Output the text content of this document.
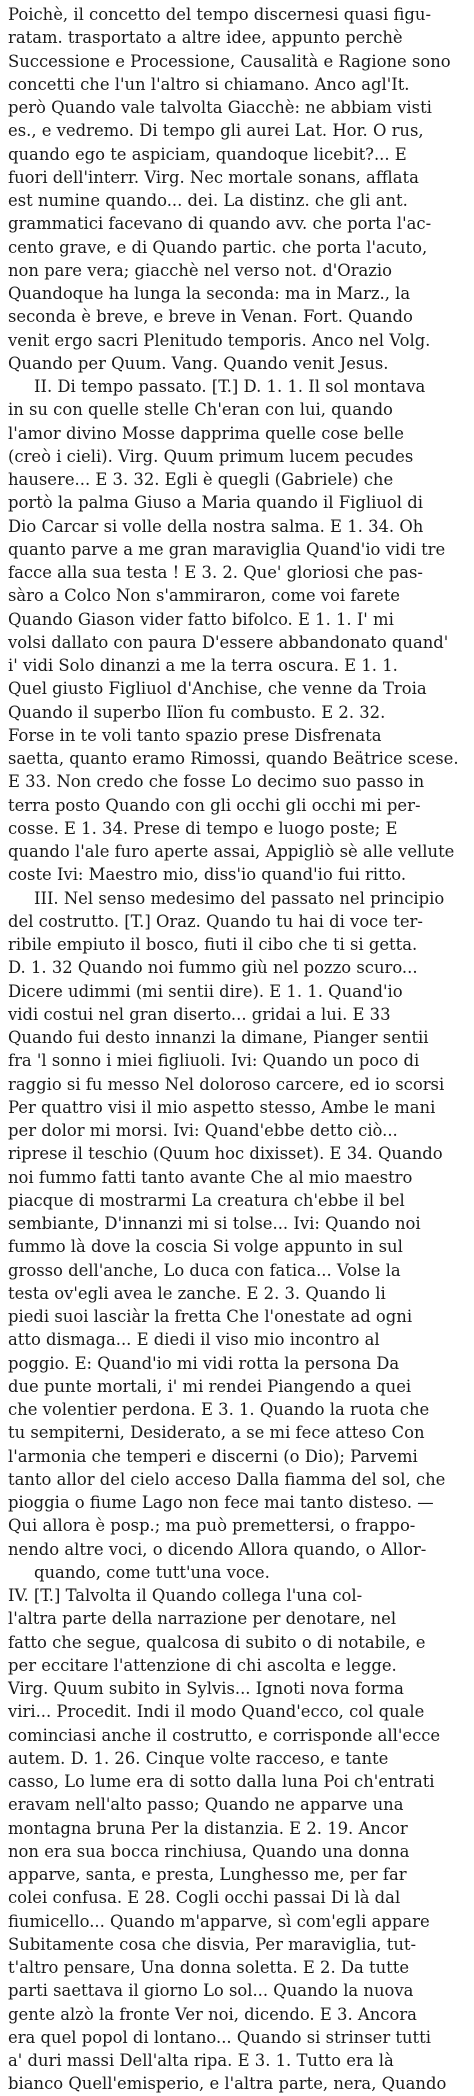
Poichè, il concetto del tempo discernesi quasi figu-
ratam. trasportato a altre idee, appunto perchè
Successione e Processione, Causalità e Ragione sono
concetti che l'un l'altro si chiamano. Anco agl'It.
però Quando vale talvolta Giacchè: ne abbiam visti
es., e vedremo. Di tempo gli aurei Lat. Hor. O rus,
quando ego te aspiciam, quandoque licebit?... E
fuori dell'interr. Virg. Nec mortale sonans, afflata
est numine quando... dei. La distinz. che gli ant.
grammatici facevano di quando avv. che porta l'ac-
cento grave, e di Quando partic. che porta l'acuto,
non pare vera; giacchè nel verso not. d'Orazio
Quandoque ha lunga la seconda: ma in Marz., la
seconda è breve, e breve in Venan. Fort. Quando
venit ergo sacri Plenitudo temporis. Anco nel Volg.
Quando per Quum. Vang. Quando venit Jesus.
II. Di tempo passato. [T.] D. 1. 1. Il sol montava
in su con quelle stelle Ch'eran con lui, quando
l'amor divino Mosse dapprima quelle cose belle
(creò i cieli). Virg. Quum primum lucem pecudes
hausere... E 3. 32. Egli è quegli (Gabriele) che
portò la palma Giuso a Maria quando il Figliuol di
Dio Carcar si volle della nostra salma. E 1. 34. Oh
quanto parve a me gran maraviglia Quand'io vidi tre
facce alla sua testa ! E 3. 2. Que' gloriosi che pas-
sàro a Colco Non s'ammiraron, come voi farete
Quando Giason vider fatto bifolco. E 1. 1. I' mi
volsi dallato con paura D'essere abbandonato quand'
i' vidi Solo dinanzi a me la terra oscura. E 1. 1.
Quel giusto Figliuol d'Anchise, che venne da Troia
Quando il superbo Ilïon fu combusto. E 2. 32.
Forse in te voli tanto spazio prese Disfrenata
saetta, quanto eramo Rimossi, quando Beätrice scese.
E 33. Non credo che fosse Lo decimo suo passo in
terra posto Quando con gli occhi gli occhi mi per-
cosse. E 1. 34. Prese di tempo e luogo poste; E
quando l'ale furo aperte assai, Appigliò sè alle vellute
coste Ivi: Maestro mio, diss'io quand'io fui ritto.
III. Nel senso medesimo del passato nel principio
del costrutto. [T.] Oraz. Quando tu hai di voce ter-
ribile empiuto il bosco, fiuti il cibo che ti si getta.
D. 1. 32 Quando noi fummo giù nel pozzo scuro...
Dicere udimmi (mi sentii dire). E 1. 1. Quand'io
vidi costui nel gran diserto... gridai a lui. E 33
Quando fui desto innanzi la dimane, Pianger sentii
fra 'l sonno i miei figliuoli. Ivi: Quando un poco di
raggio si fu messo Nel doloroso carcere, ed io scorsi
Per quattro visi il mio aspetto stesso, Ambe le mani
per dolor mi morsi. Ivi: Quand'ebbe detto ciò...
riprese il teschio (Quum hoc dixisset). E 34. Quando
noi fummo fatti tanto avante Che al mio maestro
piacque di mostrarmi La creatura ch'ebbe il bel
sembiante, D'innanzi mi si tolse... Ivi: Quando noi
fummo là dove la coscia Si volge appunto in sul
grosso dell'anche, Lo duca con fatica... Volse la
testa ov'egli avea le zanche. E 2. 3. Quando li
piedi suoi lasciàr la fretta Che l'onestate ad ogni
atto dismaga... E diedi il viso mio incontro al
poggio. E: Quand'io mi vidi rotta la persona Da
due punte mortali, i' mi rendei Piangendo a quei
che volentier perdona. E 3. 1. Quando la ruota che
tu sempiterni, Desiderato, a se mi fece atteso Con
l'armonia che temperi e discerni (o Dio); Parvemi
tanto allor del cielo acceso Dalla fiamma del sol, che
pioggia o fiume Lago non fece mai tanto disteso. —
Qui allora è posp.; ma può premettersi, o frappo-
nendo altre voci, o dicendo Allora quando, o Allor-
quando, come tutt'una voce.
IV. [T.] Talvolta il Quando collega l'una col-
l'altra parte della narrazione per denotare, nel
fatto che segue, qualcosa di subito o di notabile, e
per eccitare l'attenzione di chi ascolta e legge.
Virg. Quum subito in Sylvis... Ignoti nova forma
viri... Procedit. Indi il modo Quand'ecco, col quale
cominciasi anche il costrutto, e corrisponde all'ecce
autem. D. 1. 26. Cinque volte racceso, e tante
casso, Lo lume era di sotto dalla luna Poi ch'entrati
eravam nell'alto passo; Quando ne apparve una
montagna bruna Per la distanzia. E 2. 19. Ancor
non era sua bocca rinchiusa, Quando una donna
apparve, santa, e presta, Lunghesso me, per far
colei confusa. E 28. Cogli occhi passai Di là dal
fiumicello... Quando m'apparve, sì com'egli appare
Subitamente cosa che disvia, Per maraviglia, tut-
t'altro pensare, Una donna soletta. E 2. Da tutte
parti saettava il giorno Lo sol... Quando la nuova
gente alzò la fronte Ver noi, dicendo. E 3. Ancora
era quel popol di lontano... Quando si strinser tutti
a' duri massi Dell'alta ripa. E 3. 1. Tutto era là
bianco Quell'emisperio, e l'altra parte, nera, Quando
